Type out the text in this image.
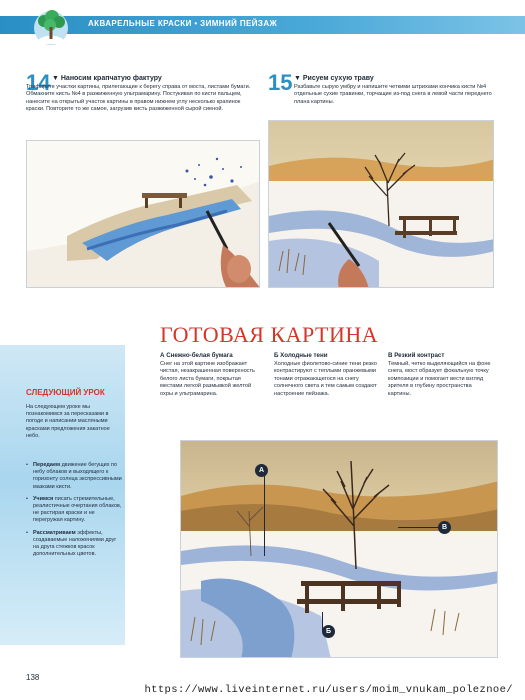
АКВАРЕЛЬНЫЕ КРАСКИ • ЗИМНИЙ ПЕЙЗАЖ
14 ▼ Наносим крапчатую фактуру
Трафарете участки картины, прилегающие к берегу справа от моста, листами бумаги. Обмакните кисть №4 в разжиженную ультрамарину. Постукивая по кисти пальцем, нанесите на открытый участок картины в правом нижнем углу несколько крапинок краски. Повторите то же самое, загрузив кисть разжиженной сырой сиеной.
15 ▼ Рисуем сухую траву
Разбавьте сырую умбру и напишите четкими штрихами кончика кисти №4 отдельные сухие травинки, торчащие из-под снега в левой части переднего плана картины.
СЛЕДУЮЩИЙ УРОК
На следующем уроке мы познакомимся за пересказами в погоде и написании масляными красками предложения закатное небо.
• Передаем движение бегущих по небу облаков и выходящего к горизонту солнца экспрессивными мазками кисти.
• Учимся писать стремительные, реалистичные очертания облаков, не растирая краски и не перегружая картину.
• Рассматриваем эффекты, создаваемые наложениями друг на друга стежков красок дополнительных цветов.
ГОТОВАЯ КАРТИНА
А Снежно-белая бумага
Снег на этой картине изображает чистая, незакрашенная поверхность белого листа бумаги, покрытая местами легкой размывкой желтой охры и ультрамарина.
Б Холодные тени
Холодные фиолетово-синие тени резко контрастируют с теплыми оранжевыми тонами отражающегося на снегу солнечного света и тем самым создают настроение пейзажа.
В Резкий контраст
Темный, четко выделяющийся на фоне снега, мост образует фокальную точку композиции и помогает вести взгляд зрителя в глубину пространства картины.
А
Б
В
138
https://www.liveinternet.ru/users/moim_vnukam_poleznoe/
